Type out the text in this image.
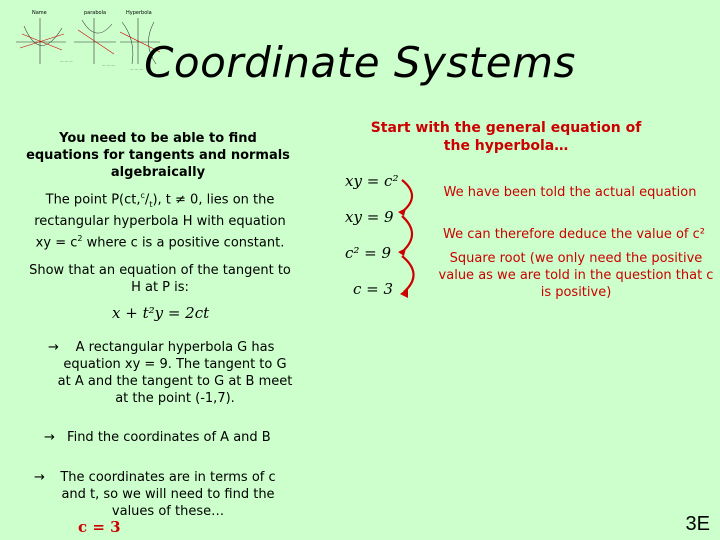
Name	parabola	Hyperbola
— — —
— — —
— — — Coordinate Systems
You need to be able to find equations for tangents and normals algebraically
The point $P(ct,^c/_t)$, t ≠ 0, lies on the rectangular hyperbola H with equation xy = $c^2$ where c is a positive constant.
Show that an equation of the tangent to H at P is:
x + t²y = 2ct
→	A rectangular hyperbola G has equation xy = 9. The tangent to G at A and the tangent to G at B meet at the point (-1,7).
→ Find the coordinates of A and B
→	The coordinates are in terms of c and t, so we will need to find the values of these…
c = 3
Start with the general equation of the hyperbola…
xy = c²
xy = 9
c² = 9
c = 3
We have been told the actual equation
We can therefore deduce the value of c²
Square root (we only need the positive value as we are told in the question that c is positive)
3E
